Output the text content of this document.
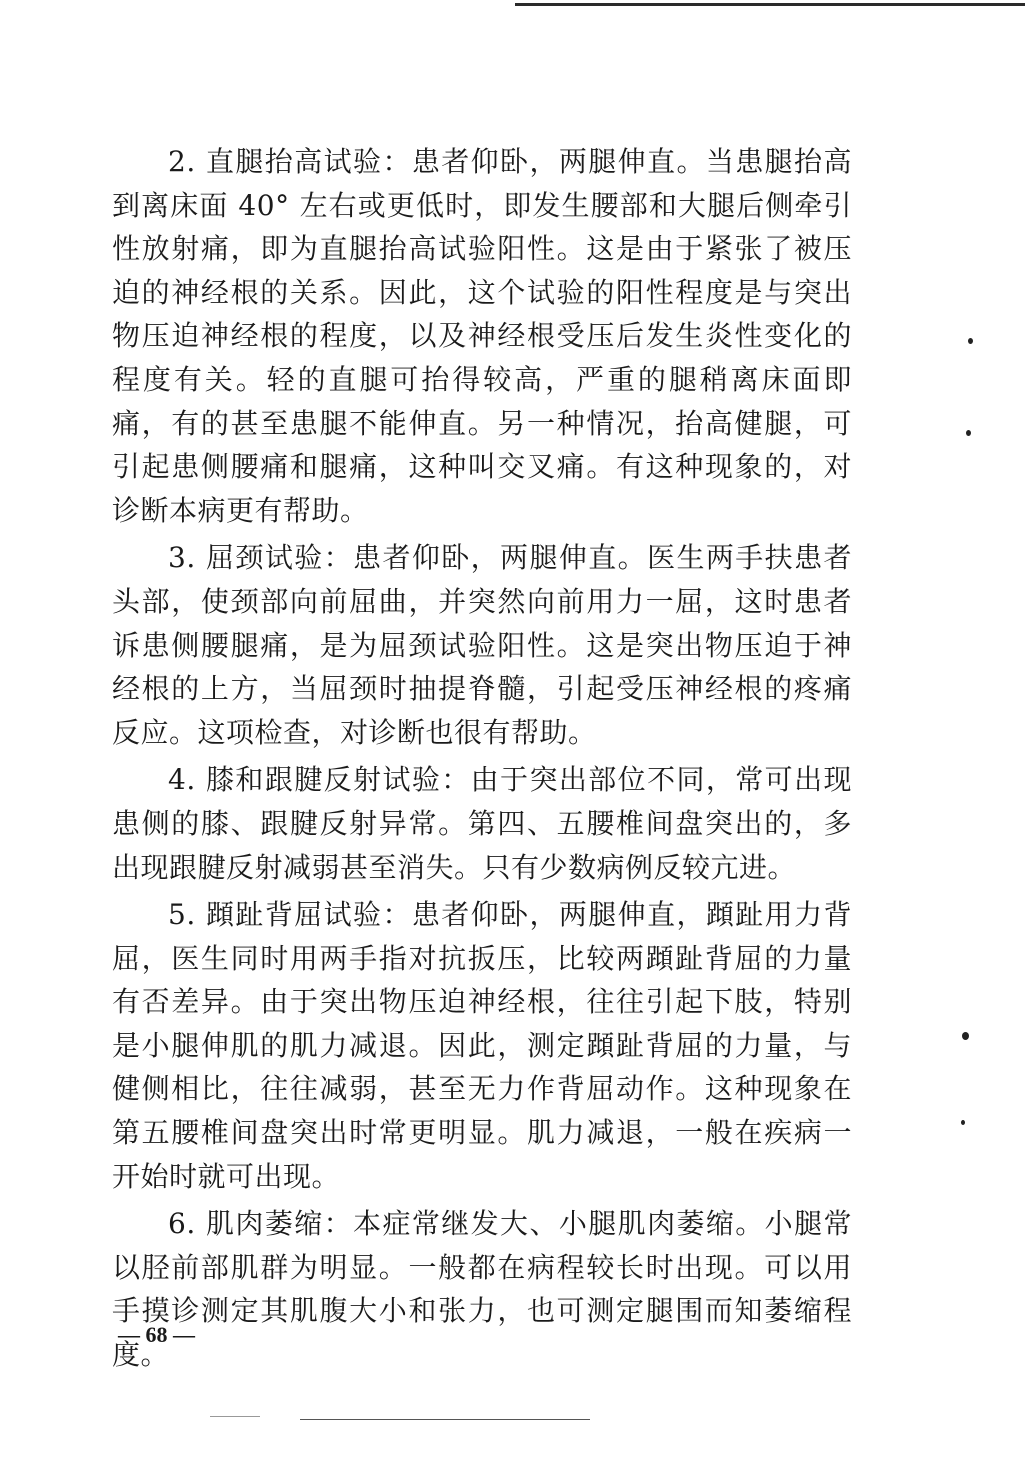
2. 直腿抬高试验：患者仰卧，两腿伸直。当患腿抬高到离床面 40° 左右或更低时，即发生腰部和大腿后侧牵引性放射痛，即为直腿抬高试验阳性。这是由于紧张了被压迫的神经根的关系。因此，这个试验的阳性程度是与突出物压迫神经根的程度，以及神经根受压后发生炎性变化的程度有关。轻的直腿可抬得较高，严重的腿稍离床面即痛，有的甚至患腿不能伸直。另一种情况，抬高健腿，可引起患侧腰痛和腿痛，这种叫交叉痛。有这种现象的，对诊断本病更有帮助。

3. 屈颈试验：患者仰卧，两腿伸直。医生两手扶患者头部，使颈部向前屈曲，并突然向前用力一屈，这时患者诉患侧腰腿痛，是为屈颈试验阳性。这是突出物压迫于神经根的上方，当屈颈时抽提脊髓，引起受压神经根的疼痛反应。这项检查，对诊断也很有帮助。

4. 膝和跟腱反射试验：由于突出部位不同，常可出现患侧的膝、跟腱反射异常。第四、五腰椎间盘突出的，多出现跟腱反射减弱甚至消失。只有少数病例反较亢进。

5. 蹞趾背屈试验：患者仰卧，两腿伸直，蹞趾用力背屈，医生同时用两手指对抗扳压，比较两蹞趾背屈的力量有否差异。由于突出物压迫神经根，往往引起下肢，特别是小腿伸肌的肌力减退。因此，测定蹞趾背屈的力量，与健侧相比，往往减弱，甚至无力作背屈动作。这种现象在第五腰椎间盘突出时常更明显。肌力减退，一般在疾病一开始时就可出现。

6. 肌肉萎缩：本症常继发大、小腿肌肉萎缩。小腿常以胫前部肌群为明显。一般都在病程较长时出现。可以用手摸诊测定其肌腹大小和张力，也可测定腿围而知萎缩程度。

— 68 —
